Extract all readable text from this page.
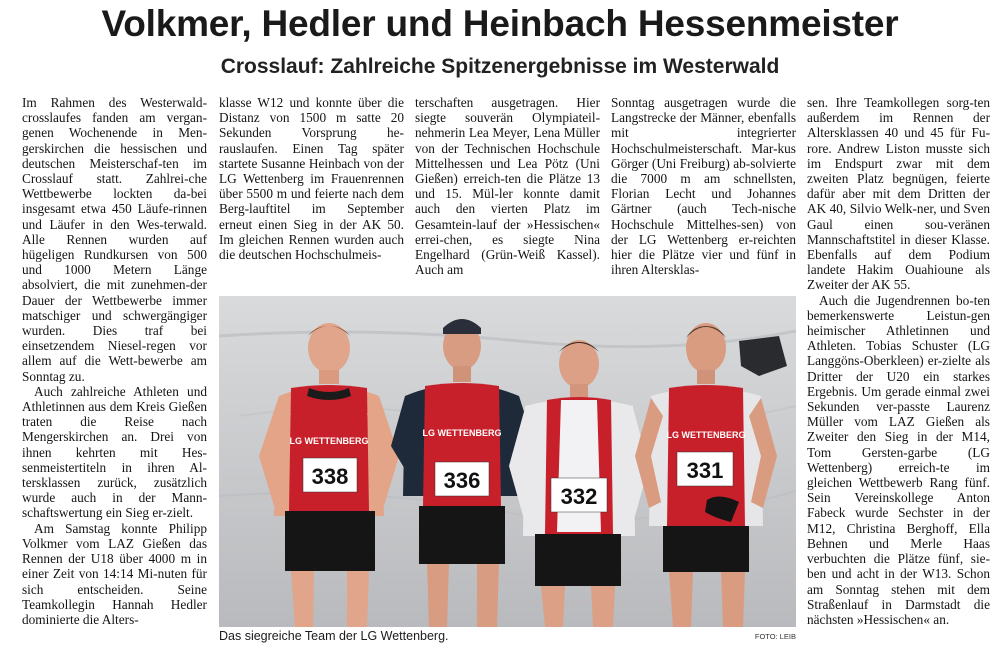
Volkmer, Hedler und Heinbach Hessenmeister
Crosslauf: Zahlreiche Spitzenergebnisse im Westerwald

Im Rahmen des Westerwald-crosslaufes fanden am vergan-genen Wochenende in Men-gerskirchen die hessischen und deutschen Meisterschaf-ten im Crosslauf statt. Zahlrei-che Wettbewerbe lockten da-bei insgesamt etwa 450 Läufe-rinnen und Läufer in den Wes-terwald. Alle Rennen wurden auf hügeligen Rundkursen von 500 und 1000 Metern Länge absolviert, die mit zunehmen-der Dauer der Wettbewerbe immer matschiger und schwergängiger wurden. Dies traf bei einsetzendem Niesel-regen vor allem auf die Wett-bewerbe am Sonntag zu.

Auch zahlreiche Athleten und Athletinnen aus dem Kreis Gießen traten die Reise nach Mengerskirchen an. Drei von ihnen kehrten mit Hes-senmeistertiteln in ihren Al-tersklassen zurück, zusätzlich wurde auch in der Mann-schaftswertung ein Sieg er-zielt.

Am Samstag konnte Philipp Volkmer vom LAZ Gießen das Rennen der U18 über 4000 m in einer Zeit von 14:14 Mi-nuten für sich entscheiden. Seine Teamkollegin Hannah Hedler dominierte die Alters-

klasse W12 und konnte über die Distanz von 1500 m satte 20 Sekunden Vorsprung he-rauslaufen. Einen Tag später startete Susanne Heinbach von der LG Wettenberg im Frauenrennen über 5500 m und feierte nach dem Berg-lauftitel im September erneut einen Sieg in der AK 50. Im gleichen Rennen wurden auch die deutschen Hochschulmeis-

terschaften ausgetragen. Hier siegte souverän Olympiateil-nehmerin Lea Meyer, Lena Müller von der Technischen Hochschule Mittelhessen und Lea Pötz (Uni Gießen) erreich-ten die Plätze 13 und 15. Mül-ler konnte damit auch den vierten Platz im Gesamtein-lauf der »Hessischen« errei-chen, es siegte Nina Engelhard (Grün-Weiß Kassel). Auch am

Sonntag ausgetragen wurde die Langstrecke der Männer, ebenfalls mit integrierter Hochschulmeisterschaft. Mar-kus Görger (Uni Freiburg) ab-solvierte die 7000 m am schnellsten, Florian Lecht und Johannes Gärtner (auch Tech-nische Hochschule Mittelhes-sen) von der LG Wettenberg er-reichten hier die Plätze vier und fünf in ihren Altersklas-

sen. Ihre Teamkollegen sorg-ten außerdem im Rennen der Altersklassen 40 und 45 für Fu-rore. Andrew Liston musste sich im Endspurt zwar mit dem zweiten Platz begnügen, feierte dafür aber mit dem Dritten der AK 40, Silvio Welk-ner, und Sven Gaul einen sou-veränen Mannschaftstitel in dieser Klasse. Ebenfalls auf dem Podium landete Hakim Ouahioune als Zweiter der AK 55.

Auch die Jugendrennen bo-ten bemerkenswerte Leistun-gen heimischer Athletinnen und Athleten. Tobias Schuster (LG Langgöns-Oberkleen) er-zielte als Dritter der U20 ein starkes Ergebnis. Um gerade einmal zwei Sekunden ver-passte Laurenz Müller vom LAZ Gießen als Zweiter den Sieg in der M14, Tom Gersten-garbe (LG Wettenberg) erreich-te im gleichen Wettbewerb Rang fünf. Sein Vereinskollege Anton Fabeck wurde Sechster in der M12, Christina Berghoff, Ella Behnen und Merle Haas verbuchten die Plätze fünf, sie-ben und acht in der W13. Schon am Sonntag stehen mit dem Straßenlauf in Darmstadt die nächsten »Hessischen« an.

LG WETTENBERG
338
LG WETTENBERG
336
332
LG WETTENBERG
331
Das siegreiche Team der LG Wettenberg.	FOTO: LEIB
